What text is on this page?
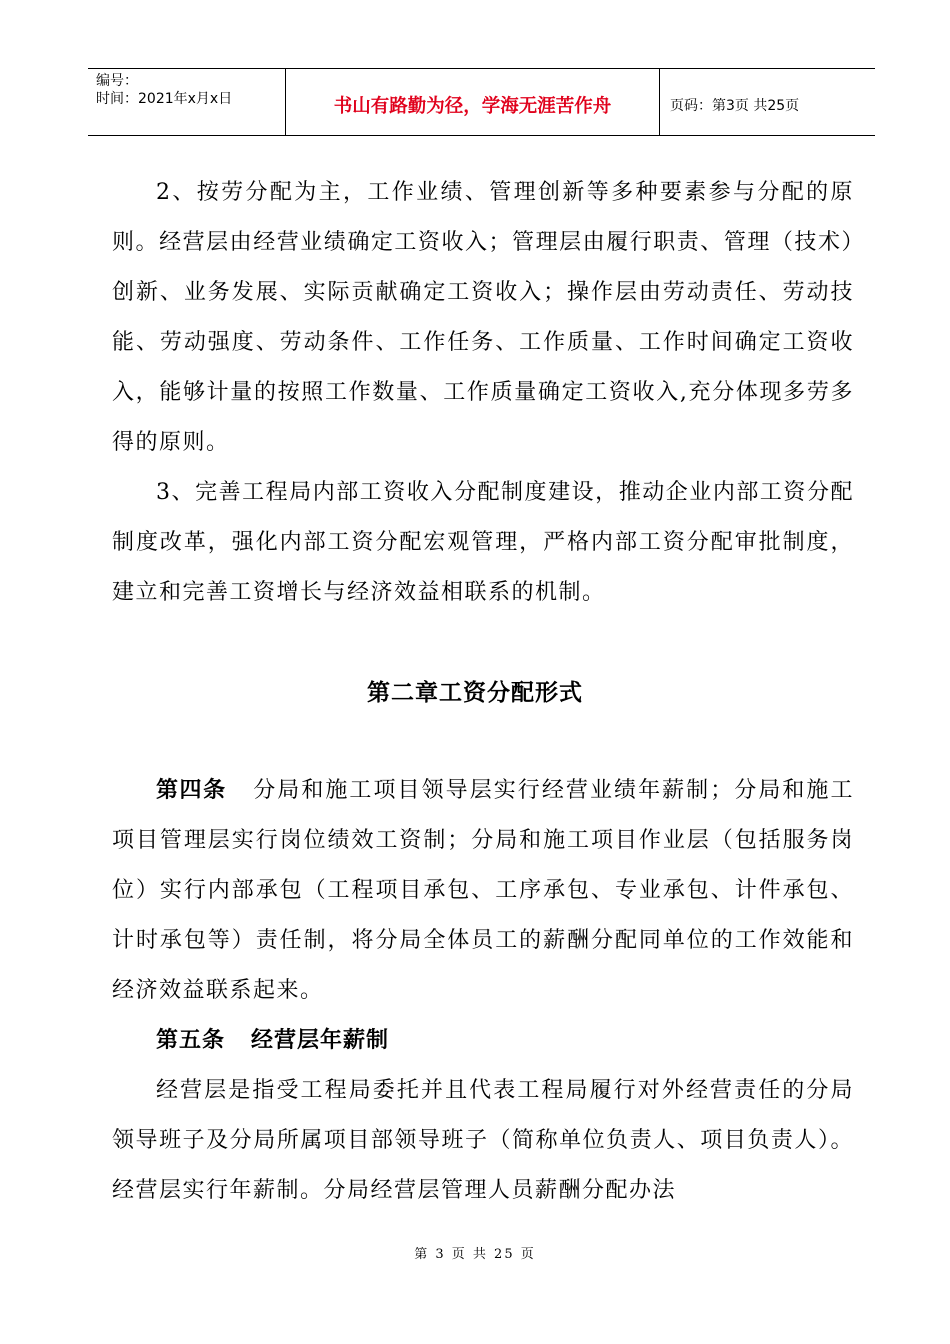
编号：
时间：2021年x月x日	书山有路勤为径，学海无涯苦作舟	页码：第3页 共25页

2、按劳分配为主，工作业绩、管理创新等多种要素参与分配的原则。经营层由经营业绩确定工资收入；管理层由履行职责、管理（技术）创新、业务发展、实际贡献确定工资收入；操作层由劳动责任、劳动技能、劳动强度、劳动条件、工作任务、工作质量、工作时间确定工资收入，能够计量的按照工作数量、工作质量确定工资收入,充分体现多劳多得的原则。

3、完善工程局内部工资收入分配制度建设，推动企业内部工资分配制度改革，强化内部工资分配宏观管理，严格内部工资分配审批制度，建立和完善工资增长与经济效益相联系的机制。

第二章工资分配形式

第四条 分局和施工项目领导层实行经营业绩年薪制；分局和施工项目管理层实行岗位绩效工资制；分局和施工项目作业层（包括服务岗位）实行内部承包（工程项目承包、工序承包、专业承包、计件承包、计时承包等）责任制，将分局全体员工的薪酬分配同单位的工作效能和经济效益联系起来。

第五条 经营层年薪制

经营层是指受工程局委托并且代表工程局履行对外经营责任的分局领导班子及分局所属项目部领导班子（简称单位负责人、项目负责人）。经营层实行年薪制。分局经营层管理人员薪酬分配办法

第 3 页 共 25 页
